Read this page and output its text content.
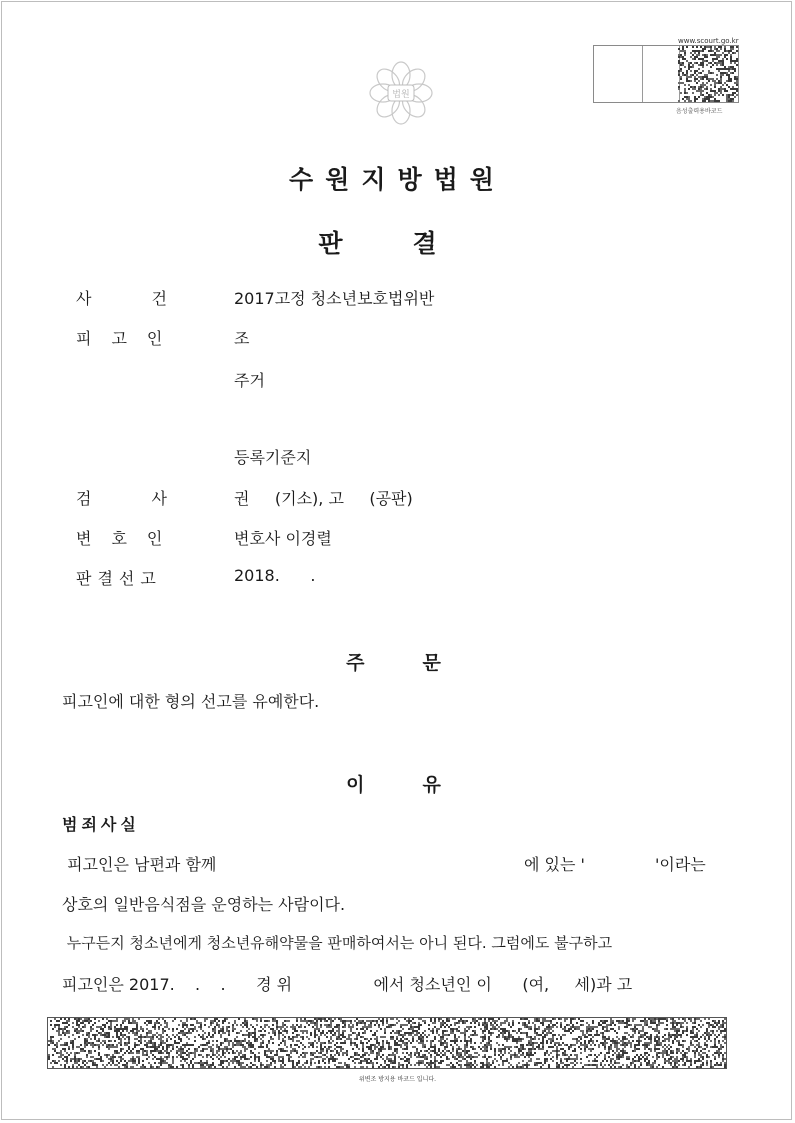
법원
www.scourt.go.kr
음성출력용바코드
수원지방법원
판결
사건 2017고정 청소년보호법위반
피고인	조
주거
등록기준지
검사 권     (기소), 고     (공판)
변호인	변호사 이경렬
판결선고	2018.      .
주문
피고인에 대한 형의 선고를 유예한다.
이유
범죄사실
피고인은 남편과 함께	에 있는 '	'이라는
상호의 일반음식점을 운영하는 사람이다.
누구든지 청소년에게 청소년유해약물을 판매하여서는 아니 된다. 그럼에도 불구하고
피고인은 2017.    .    .      경 위                에서 청소년인 이      (여,     세)과 고
위변조 방지용 바코드 입니다.
